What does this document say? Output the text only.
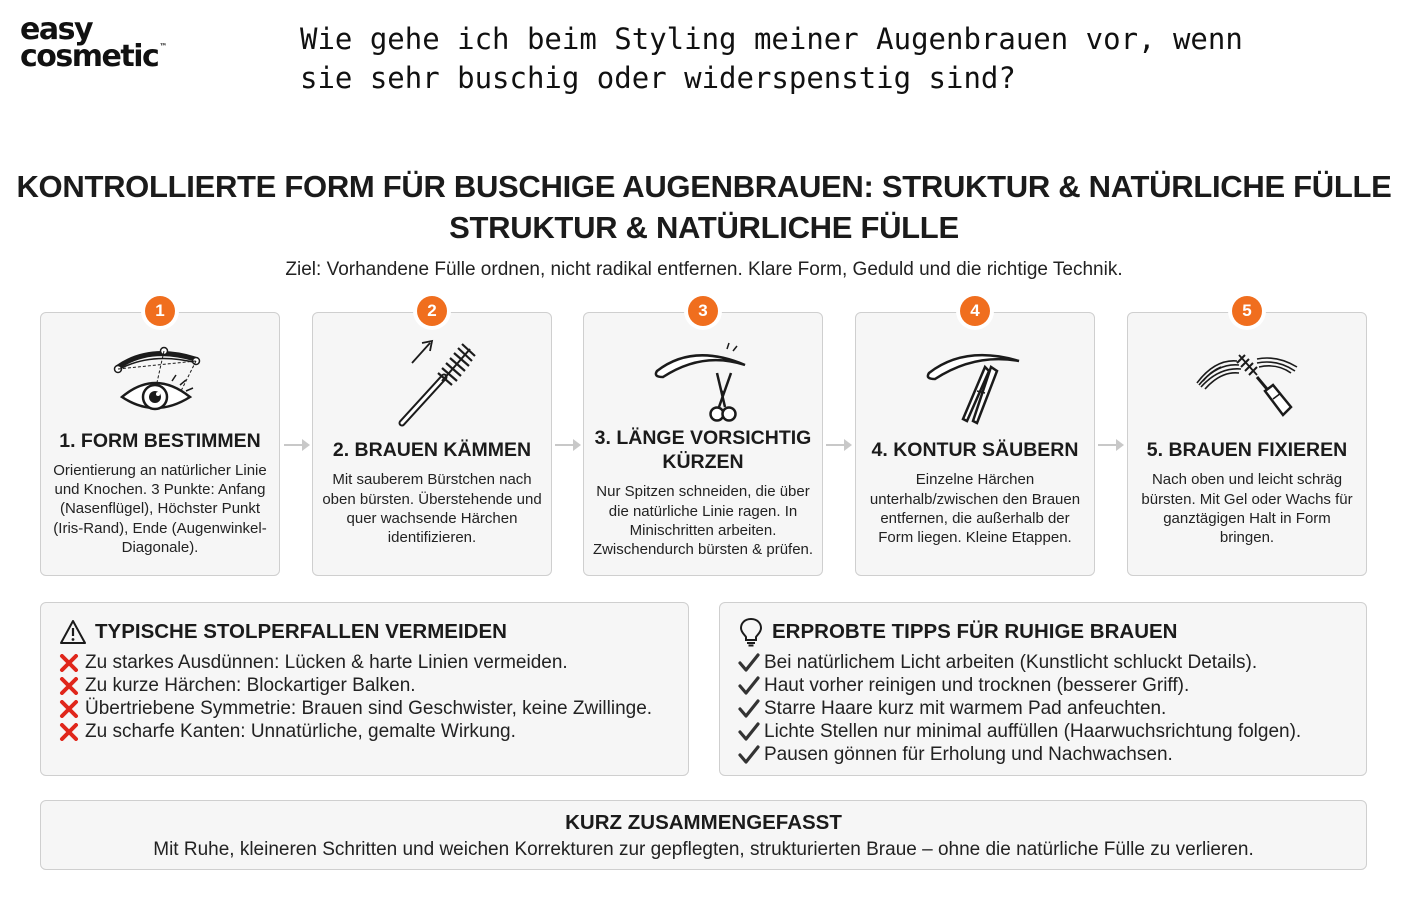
easy
cosmetic™	Wie gehe ich beim Styling meiner Augenbrauen vor, wenn sie sehr buschig oder widerspenstig sind?
KONTROLLIERTE FORM FÜR BUSCHIGE AUGENBRAUEN: STRUKTUR & NATÜRLICHE FÜLLE
STRUKTUR & NATÜRLICHE FÜLLE
Ziel: Vorhandene Fülle ordnen, nicht radikal entfernen. Klare Form, Geduld und die richtige Technik.
1
1. FORM BESTIMMEN
Orientierung an natürlicher Linie und Knochen. 3 Punkte: Anfang (Nasenflügel), Höchster Punkt (Iris-Rand), Ende (Augenwinkel-Diagonale).
2
2. BRAUEN KÄMMEN
Mit sauberem Bürstchen nach oben bürsten. Überstehende und quer wachsende Härchen identifizieren.
3
3. LÄNGE VORSICHTIG KÜRZEN
Nur Spitzen schneiden, die über die natürliche Linie ragen. In Minischritten arbeiten. Zwischendurch bürsten & prüfen.
4
4. KONTUR SÄUBERN
Einzelne Härchen unterhalb/zwischen den Brauen entfernen, die außerhalb der Form liegen. Kleine Etappen.
5
5. BRAUEN FIXIEREN
Nach oben und leicht schräg bürsten. Mit Gel oder Wachs für ganztägigen Halt in Form bringen.
TYPISCHE STOLPERFALLEN VERMEIDEN
Zu starkes Ausdünnen: Lücken & harte Linien vermeiden.
Zu kurze Härchen: Blockartiger Balken.
Übertriebene Symmetrie: Brauen sind Geschwister, keine Zwillinge.
Zu scharfe Kanten: Unnatürliche, gemalte Wirkung.
ERPROBTE TIPPS FÜR RUHIGE BRAUEN
Bei natürlichem Licht arbeiten (Kunstlicht schluckt Details).
Haut vorher reinigen und trocknen (besserer Griff).
Starre Haare kurz mit warmem Pad anfeuchten.
Lichte Stellen nur minimal auffüllen (Haarwuchsrichtung folgen).
Pausen gönnen für Erholung und Nachwachsen.
KURZ ZUSAMMENGEFASST
Mit Ruhe, kleineren Schritten und weichen Korrekturen zur gepflegten, strukturierten Braue – ohne die natürliche Fülle zu verlieren.
